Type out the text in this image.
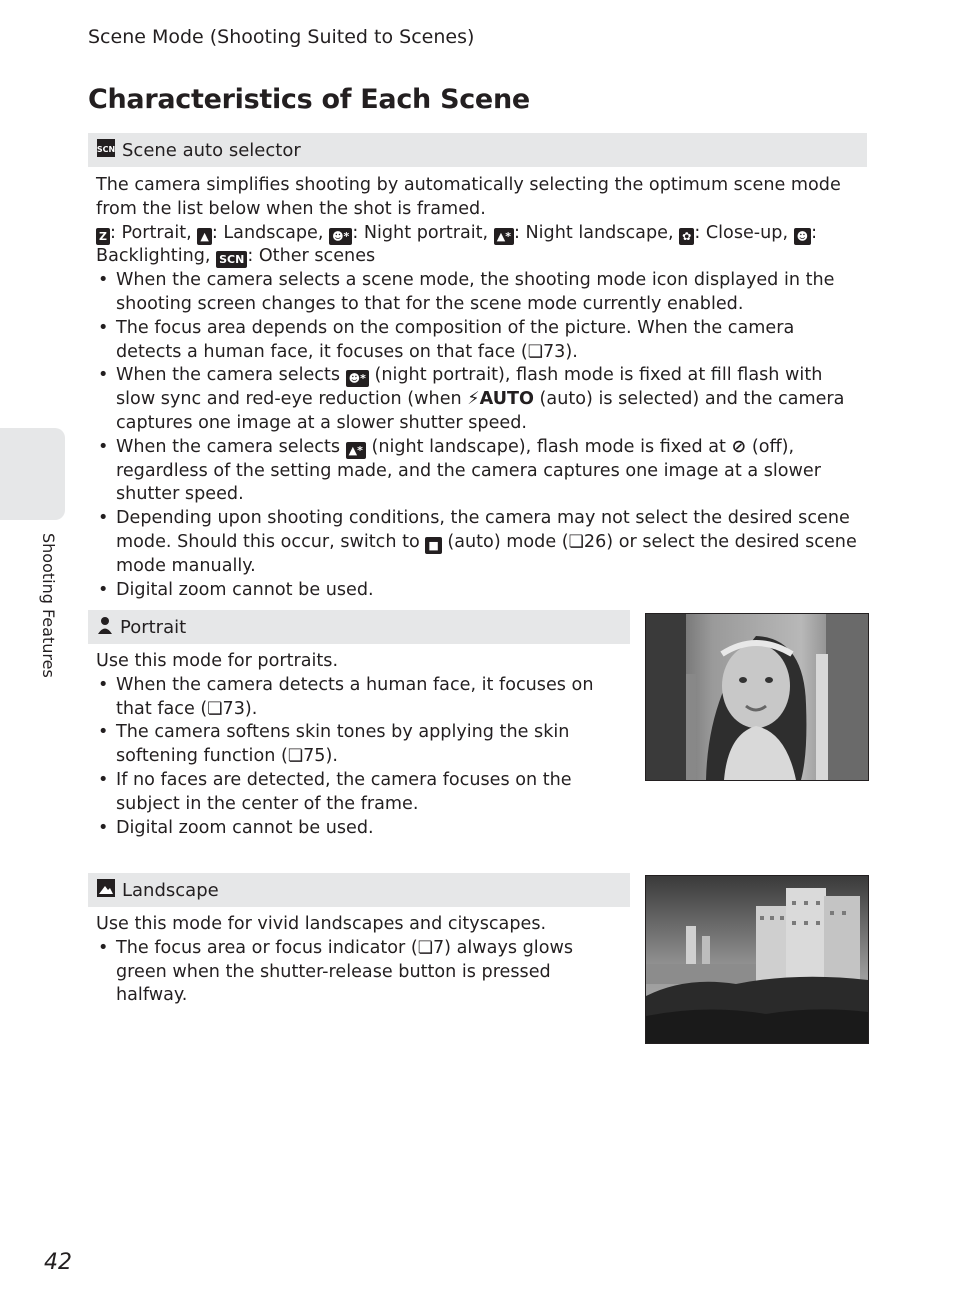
Scene Mode (Shooting Suited to Scenes)
Characteristics of Each Scene
Shooting Features
SCN Scene auto selector

The camera simplifies shooting by automatically selecting the optimum scene mode from the list below when the shot is framed.

Z : Portrait, ▲ : Landscape, ☻* : Night portrait, ▲* : Night landscape, ✿ : Close-up, ☻ : Backlighting, SCN : Other scenes

• When the camera selects a scene mode, the shooting mode icon displayed in the shooting screen changes to that for the scene mode currently enabled.
• The focus area depends on the composition of the picture. When the camera detects a human face, it focuses on that face (❏73).
• When the camera selects ☻* (night portrait), flash mode is fixed at fill flash with slow sync and red-eye reduction (when ⚡AUTO (auto) is selected) and the camera captures one image at a slower shutter speed.
• When the camera selects ▲* (night landscape), flash mode is fixed at ⊘ (off), regardless of the setting made, and the camera captures one image at a slower shutter speed.
• Depending upon shooting conditions, the camera may not select the desired scene mode. Should this occur, switch to ■ (auto) mode (❏26) or select the desired scene mode manually.
• Digital zoom cannot be used.
Portrait

Use this mode for portraits.

• When the camera detects a human face, it focuses on that face (❏73).
• The camera softens skin tones by applying the skin softening function (❏75).
• If no faces are detected, the camera focuses on the subject in the center of the frame.
• Digital zoom cannot be used.
Landscape

Use this mode for vivid landscapes and cityscapes.

• The focus area or focus indicator (❏7) always glows green when the shutter-release button is pressed halfway.
42
